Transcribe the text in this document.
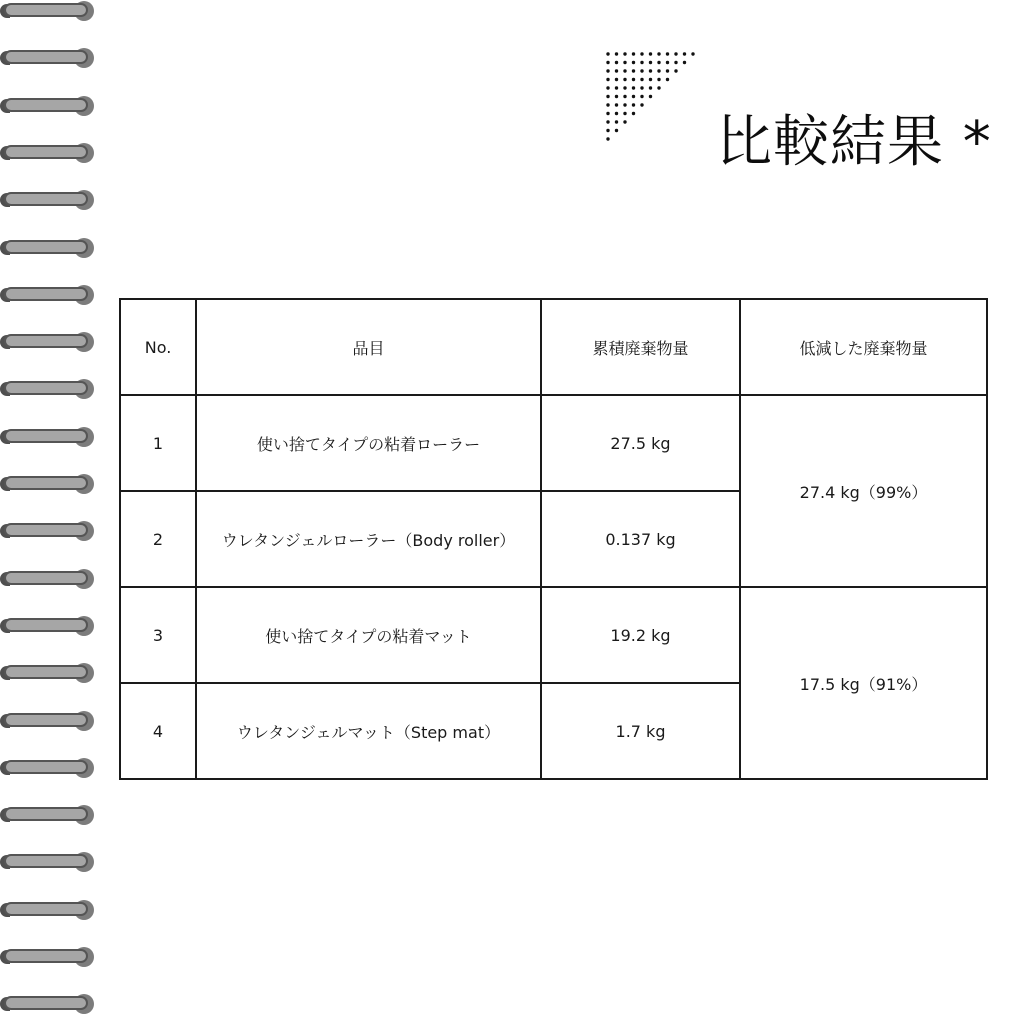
比較結果 *
No.	品目	累積廃棄物量	低減した廃棄物量
1	使い捨てタイプの粘着ローラー	27.5 kg	27.4 kg（99%）
2	ウレタンジェルローラー（Body roller）	0.137 kg	
3	使い捨てタイプの粘着マット	19.2 kg	17.5 kg（91%）
4	ウレタンジェルマット（Step mat）	1.7 kg	
